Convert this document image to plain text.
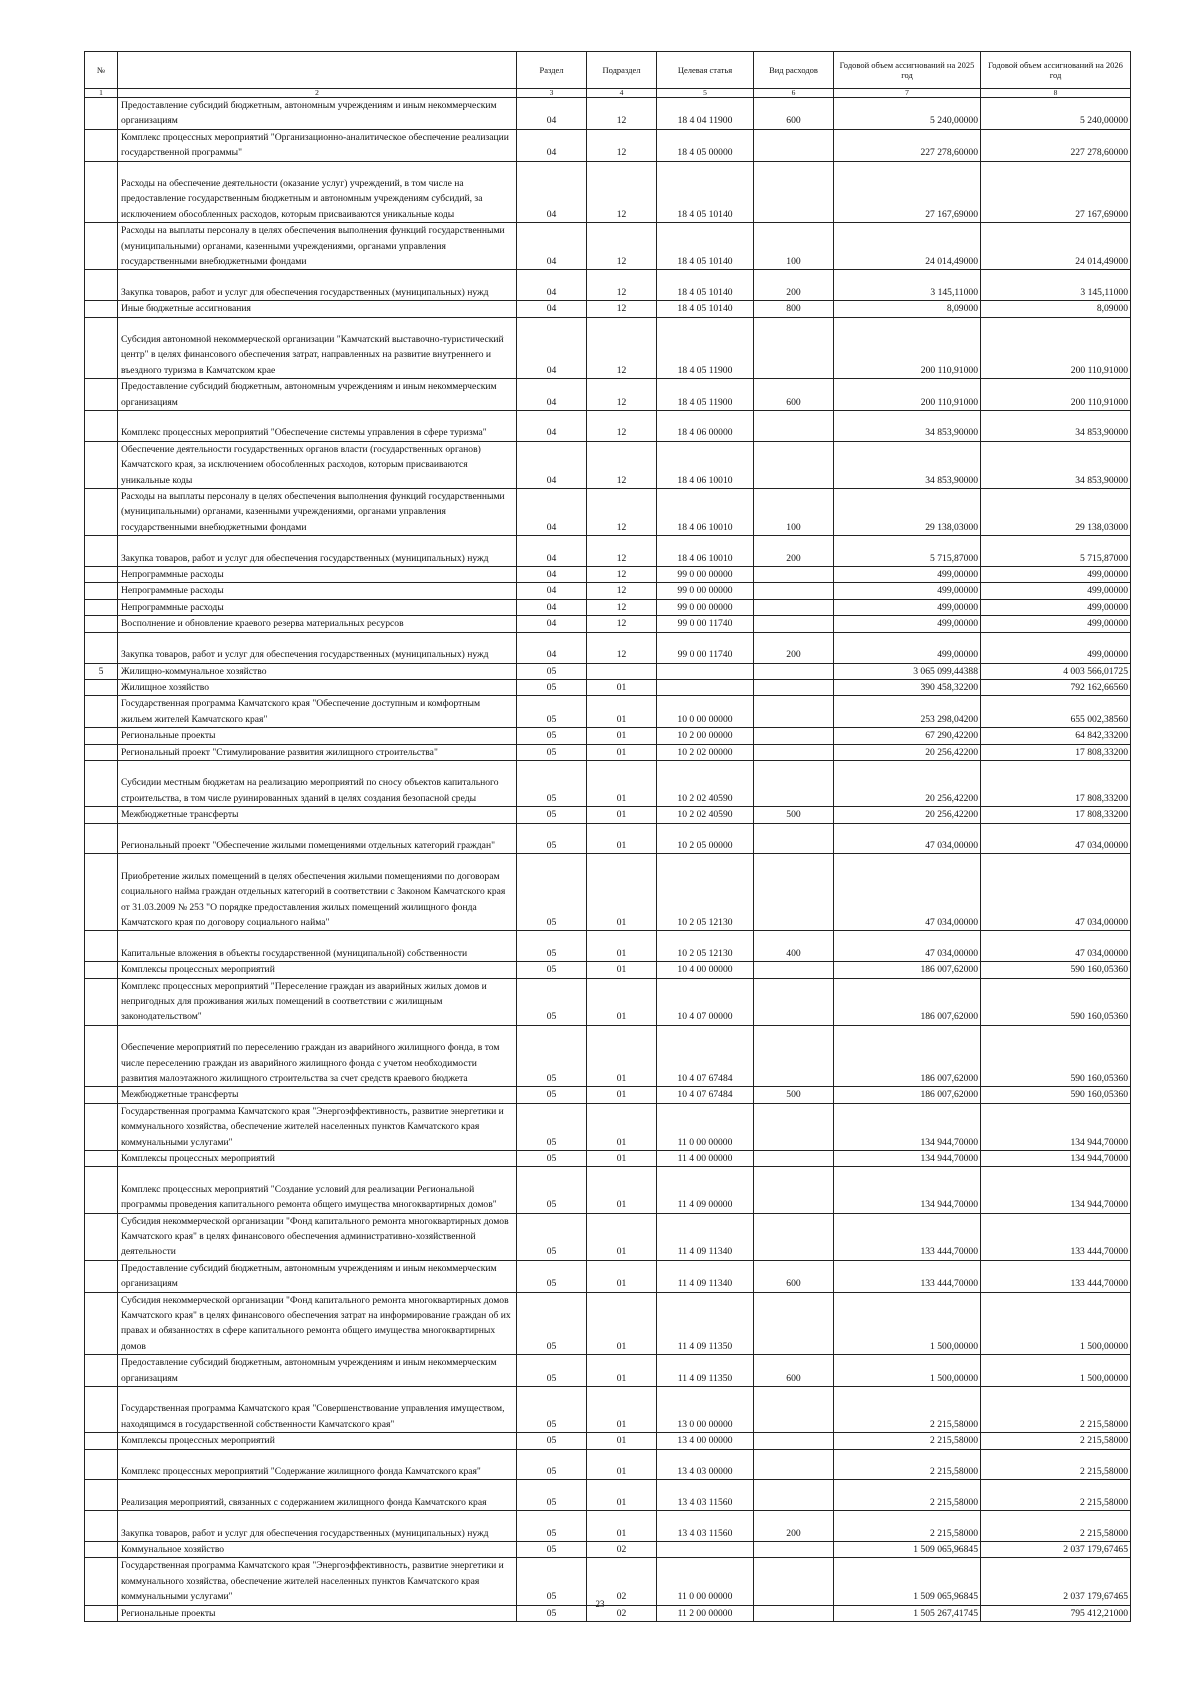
№		Раздел	Подраздел	Целевая статья	Вид расходов	Годовой объем ассигнований на 2025 год	Годовой объем ассигнований на 2026 год
1	2	3	4	5	6	7	8
	Предоставление субсидий бюджетным, автономным учреждениям и иным некоммерческим организациям	04	12	18 4 04 11900	600	5 240,00000	5 240,00000
	Комплекс процессных мероприятий "Организационно-аналитическое обеспечение реализации государственной программы"	04	12	18 4 05 00000		227 278,60000	227 278,60000
	Расходы на обеспечение деятельности (оказание услуг) учреждений, в том числе на предоставление государственным бюджетным и автономным учреждениям субсидий, за исключением обособленных расходов, которым присваиваются уникальные коды	04	12	18 4 05 10140		27 167,69000	27 167,69000
	Расходы на выплаты персоналу в целях обеспечения выполнения функций государственными (муниципальными) органами, казенными учреждениями, органами управления государственными внебюджетными фондами	04	12	18 4 05 10140	100	24 014,49000	24 014,49000
	Закупка товаров, работ и услуг для обеспечения государственных (муниципальных) нужд	04	12	18 4 05 10140	200	3 145,11000	3 145,11000
	Иные бюджетные ассигнования	04	12	18 4 05 10140	800	8,09000	8,09000
	Субсидия автономной некоммерческой организации "Камчатский выставочно-туристический центр" в целях финансового обеспечения затрат, направленных на развитие внутреннего и въездного туризма в Камчатском крае	04	12	18 4 05 11900		200 110,91000	200 110,91000
	Предоставление субсидий бюджетным, автономным учреждениям и иным некоммерческим организациям	04	12	18 4 05 11900	600	200 110,91000	200 110,91000
	Комплекс процессных мероприятий "Обеспечение системы управления в сфере туризма"	04	12	18 4 06 00000		34 853,90000	34 853,90000
	Обеспечение деятельности государственных органов власти (государственных органов) Камчатского края, за исключением обособленных расходов, которым присваиваются уникальные коды	04	12	18 4 06 10010		34 853,90000	34 853,90000
	Расходы на выплаты персоналу в целях обеспечения выполнения функций государственными (муниципальными) органами, казенными учреждениями, органами управления государственными внебюджетными фондами	04	12	18 4 06 10010	100	29 138,03000	29 138,03000
	Закупка товаров, работ и услуг для обеспечения государственных (муниципальных) нужд	04	12	18 4 06 10010	200	5 715,87000	5 715,87000
	Непрограммные расходы	04	12	99 0 00 00000		499,00000	499,00000
	Непрограммные расходы	04	12	99 0 00 00000		499,00000	499,00000
	Непрограммные расходы	04	12	99 0 00 00000		499,00000	499,00000
	Восполнение и обновление краевого резерва материальных ресурсов	04	12	99 0 00 11740		499,00000	499,00000
	Закупка товаров, работ и услуг для обеспечения государственных (муниципальных) нужд	04	12	99 0 00 11740	200	499,00000	499,00000
5	Жилищно-коммунальное хозяйство	05				3 065 099,44388	4 003 566,01725
	Жилищное хозяйство	05	01			390 458,32200	792 162,66560
	Государственная программа Камчатского края "Обеспечение доступным и комфортным жильем жителей Камчатского края"	05	01	10 0 00 00000		253 298,04200	655 002,38560
	Региональные проекты	05	01	10 2 00 00000		67 290,42200	64 842,33200
	Региональный проект "Стимулирование развития жилищного строительства"	05	01	10 2 02 00000		20 256,42200	17 808,33200
	Субсидии местным бюджетам на реализацию мероприятий по сносу объектов капитального строительства, в том числе руинированных зданий в целях создания безопасной среды	05	01	10 2 02 40590		20 256,42200	17 808,33200
	Межбюджетные трансферты	05	01	10 2 02 40590	500	20 256,42200	17 808,33200
	Региональный проект "Обеспечение жилыми помещениями отдельных категорий граждан"	05	01	10 2 05 00000		47 034,00000	47 034,00000
	Приобретение жилых помещений в целях обеспечения жилыми помещениями по договорам социального найма граждан отдельных категорий в соответствии с Законом Камчатского края от 31.03.2009 № 253 "О порядке предоставления жилых помещений жилищного фонда Камчатского края по договору социального найма"	05	01	10 2 05 12130		47 034,00000	47 034,00000
	Капитальные вложения в объекты государственной (муниципальной) собственности	05	01	10 2 05 12130	400	47 034,00000	47 034,00000
	Комплексы процессных мероприятий	05	01	10 4 00 00000		186 007,62000	590 160,05360
	Комплекс процессных мероприятий "Переселение граждан из аварийных жилых домов и непригодных для проживания жилых помещений в соответствии с жилищным законодательством"	05	01	10 4 07 00000		186 007,62000	590 160,05360
	Обеспечение мероприятий по переселению граждан из аварийного жилищного фонда, в том числе переселению граждан из аварийного жилищного фонда с учетом необходимости развития малоэтажного жилищного строительства за счет средств краевого бюджета	05	01	10 4 07 67484		186 007,62000	590 160,05360
	Межбюджетные трансферты	05	01	10 4 07 67484	500	186 007,62000	590 160,05360
	Государственная программа Камчатского края "Энергоэффективность, развитие энергетики и коммунального хозяйства, обеспечение жителей населенных пунктов Камчатского края коммунальными услугами"	05	01	11 0 00 00000		134 944,70000	134 944,70000
	Комплексы процессных мероприятий	05	01	11 4 00 00000		134 944,70000	134 944,70000
	Комплекс процессных мероприятий "Создание условий для реализации Региональной программы проведения капитального ремонта общего имущества многоквартирных домов"	05	01	11 4 09 00000		134 944,70000	134 944,70000
	Субсидия некоммерческой организации "Фонд капитального ремонта многоквартирных домов Камчатского края" в целях финансового обеспечения административно-хозяйственной деятельности	05	01	11 4 09 11340		133 444,70000	133 444,70000
	Предоставление субсидий бюджетным, автономным учреждениям и иным некоммерческим организациям	05	01	11 4 09 11340	600	133 444,70000	133 444,70000
	Субсидия некоммерческой организации "Фонд капитального ремонта многоквартирных домов Камчатского края" в целях финансового обеспечения затрат на информирование граждан об их правах и обязанностях в сфере капитального ремонта общего имущества многоквартирных домов	05	01	11 4 09 11350		1 500,00000	1 500,00000
	Предоставление субсидий бюджетным, автономным учреждениям и иным некоммерческим организациям	05	01	11 4 09 11350	600	1 500,00000	1 500,00000
	Государственная программа Камчатского края "Совершенствование управления имуществом, находящимся в государственной собственности Камчатского края"	05	01	13 0 00 00000		2 215,58000	2 215,58000
	Комплексы процессных мероприятий	05	01	13 4 00 00000		2 215,58000	2 215,58000
	Комплекс процессных мероприятий "Содержание жилищного фонда Камчатского края"	05	01	13 4 03 00000		2 215,58000	2 215,58000
	Реализация мероприятий, связанных с содержанием жилищного фонда Камчатского края	05	01	13 4 03 11560		2 215,58000	2 215,58000
	Закупка товаров, работ и услуг для обеспечения государственных (муниципальных) нужд	05	01	13 4 03 11560	200	2 215,58000	2 215,58000
	Коммунальное хозяйство	05	02			1 509 065,96845	2 037 179,67465
	Государственная программа Камчатского края "Энергоэффективность, развитие энергетики и коммунального хозяйства, обеспечение жителей населенных пунктов Камчатского края коммунальными услугами"	05	02	11 0 00 00000		1 509 065,96845	2 037 179,67465
	Региональные проекты	05	02	11 2 00 00000		1 505 267,41745	795 412,21000
23
